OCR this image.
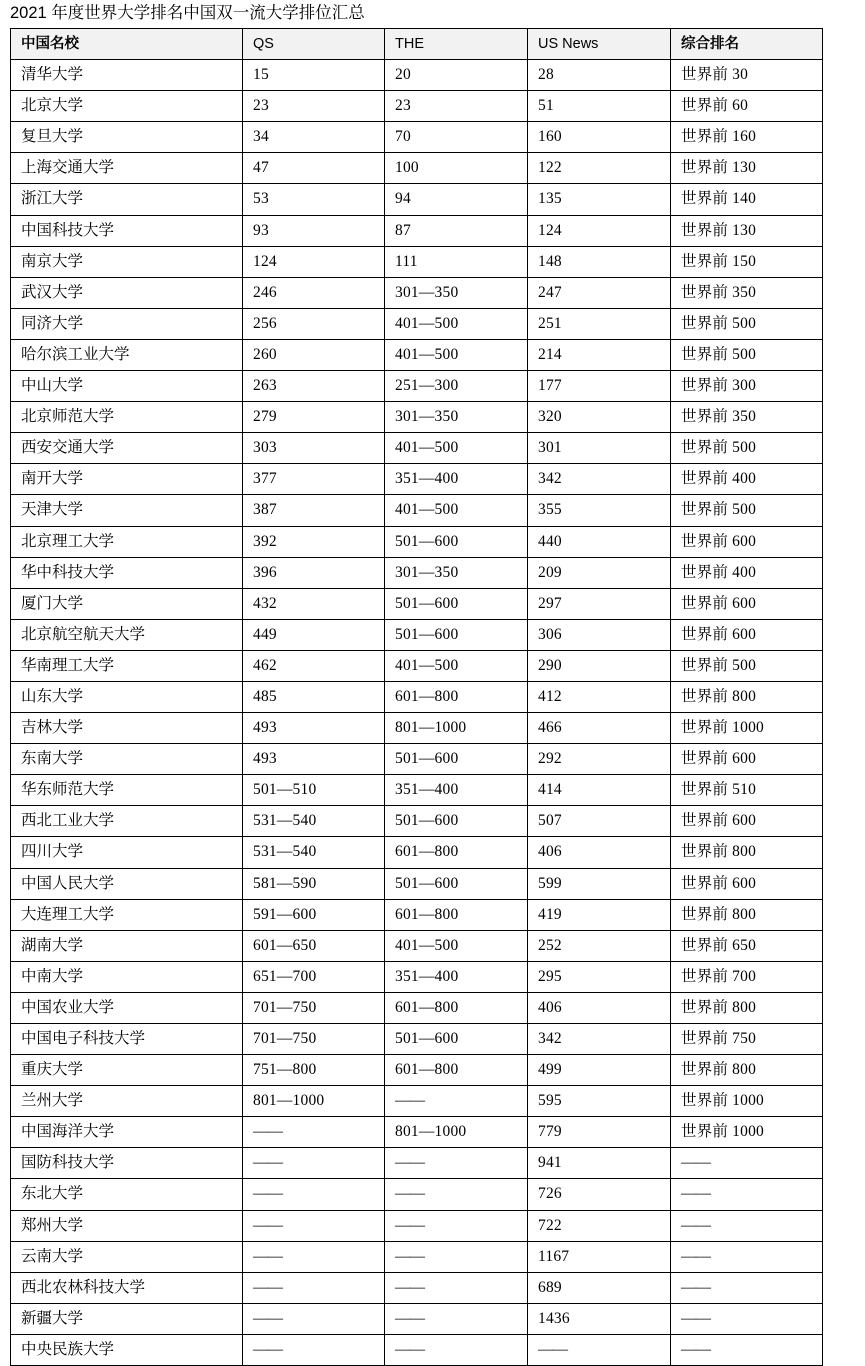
2021 年度世界大学排名中国双一流大学排位汇总
中国名校	QS	THE	US News	综合排名
清华大学	15	20	28	世界前 30
北京大学	23	23	51	世界前 60
复旦大学	34	70	160	世界前 160
上海交通大学	47	100	122	世界前 130
浙江大学	53	94	135	世界前 140
中国科技大学	93	87	124	世界前 130
南京大学	124	111	148	世界前 150
武汉大学	246	301—350	247	世界前 350
同济大学	256	401—500	251	世界前 500
哈尔滨工业大学	260	401—500	214	世界前 500
中山大学	263	251—300	177	世界前 300
北京师范大学	279	301—350	320	世界前 350
西安交通大学	303	401—500	301	世界前 500
南开大学	377	351—400	342	世界前 400
天津大学	387	401—500	355	世界前 500
北京理工大学	392	501—600	440	世界前 600
华中科技大学	396	301—350	209	世界前 400
厦门大学	432	501—600	297	世界前 600
北京航空航天大学	449	501—600	306	世界前 600
华南理工大学	462	401—500	290	世界前 500
山东大学	485	601—800	412	世界前 800
吉林大学	493	801—1000	466	世界前 1000
东南大学	493	501—600	292	世界前 600
华东师范大学	501—510	351—400	414	世界前 510
西北工业大学	531—540	501—600	507	世界前 600
四川大学	531—540	601—800	406	世界前 800
中国人民大学	581—590	501—600	599	世界前 600
大连理工大学	591—600	601—800	419	世界前 800
湖南大学	601—650	401—500	252	世界前 650
中南大学	651—700	351—400	295	世界前 700
中国农业大学	701—750	601—800	406	世界前 800
中国电子科技大学	701—750	501—600	342	世界前 750
重庆大学	751—800	601—800	499	世界前 800
兰州大学	801—1000	——	595	世界前 1000
中国海洋大学	——	801—1000	779	世界前 1000
国防科技大学	——	——	941	——
东北大学	——	——	726	——
郑州大学	——	——	722	——
云南大学	——	——	1167	——
西北农林科技大学	——	——	689	——
新疆大学	——	——	1436	——
中央民族大学	——	——	——	——
